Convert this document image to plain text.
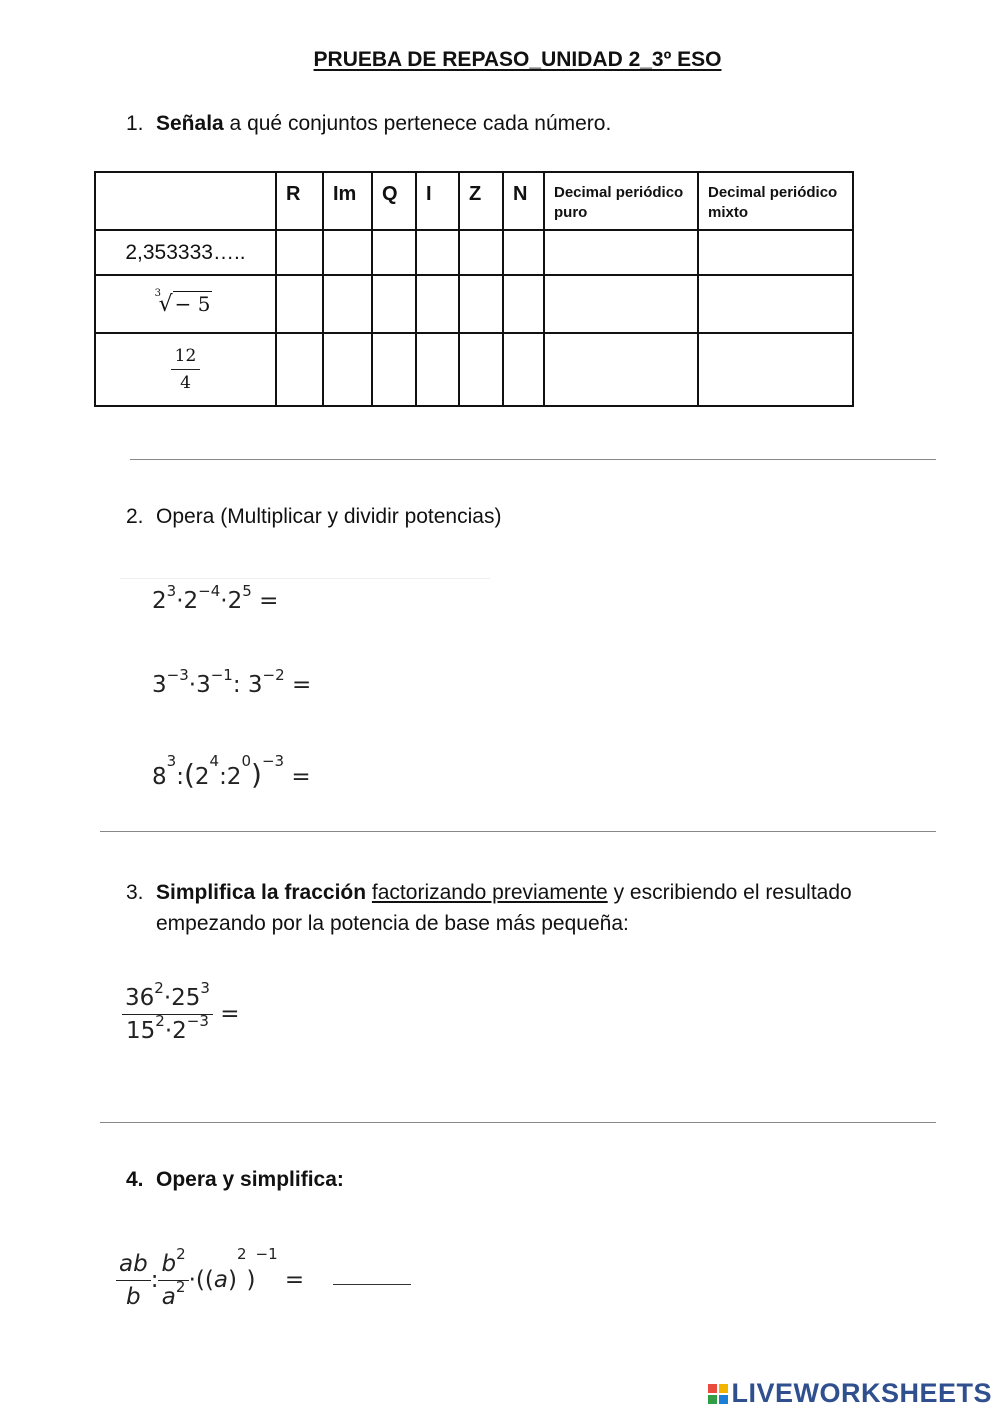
PRUEBA DE REPASO_UNIDAD 2_3º ESO
1. Señala a qué conjuntos pertenece cada número.
	R	Im	Q	I	Z	N	Decimal periódico puro	Decimal periódico mixto
2,353333…..								

3
√ − 5								

$\frac{12}{4}$

2. Opera (Multiplicar y dividir potencias)
$2^3\cdot 2^{-4}\cdot 2^5$ =
$3^{-3}\cdot 3^{-1}$: $3^{-2}$ =
$8^3:(2^4:2^0)^{-3}$ =
3. Simplifica la fracción factorizando previamente y escribiendo el resultado
empezando por la potencia de base más pequeña:
$\frac{36^2\cdot 25^3}{15^2\cdot 2^{-3}}$ =
4. Opera y simplifica:
$\frac{ab}{b}$ : $\frac{b^2}{a^2} \cdot((a)^2)^{-1}$ =
LIVEWORKSHEETS
